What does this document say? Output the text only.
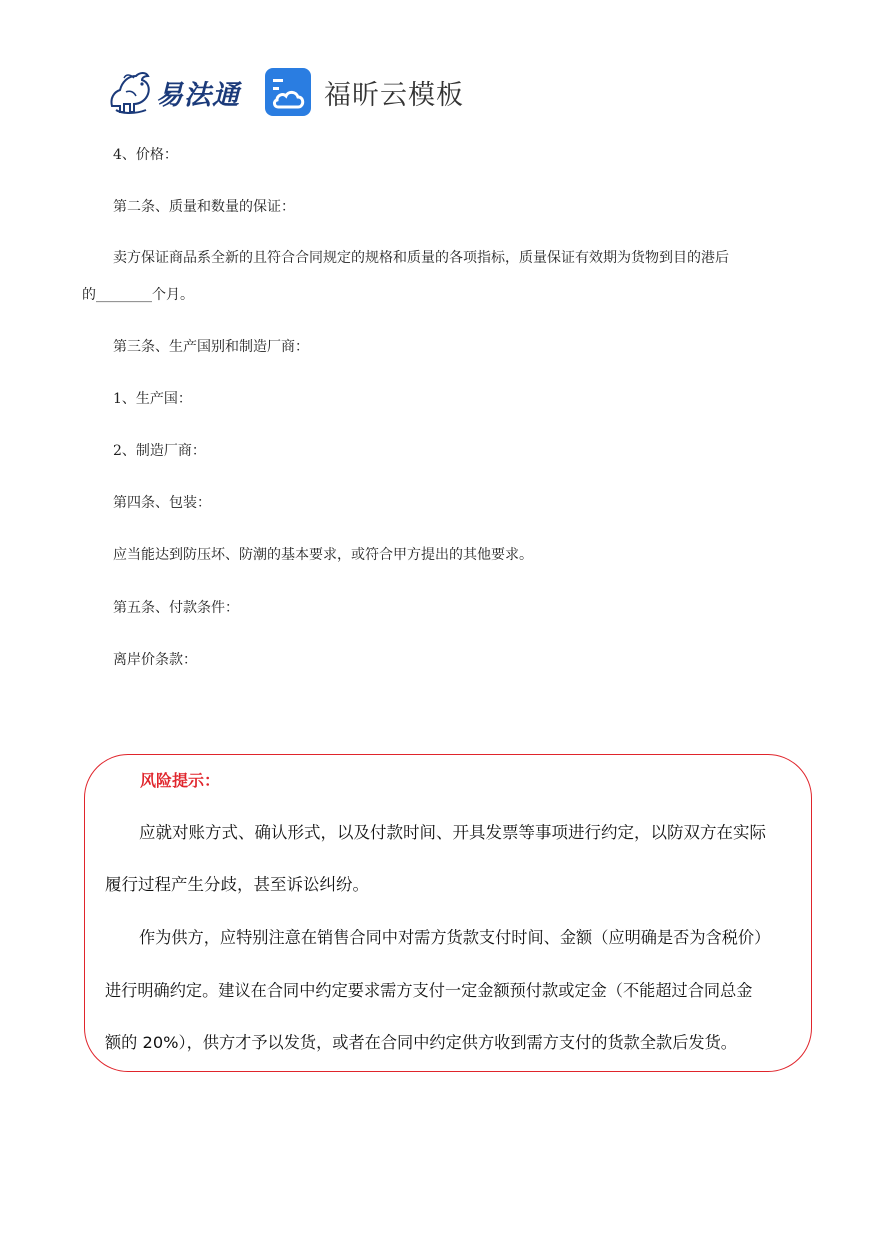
易法通	福昕云模板
4、价格：
第二条、质量和数量的保证：
卖方保证商品系全新的且符合合同规定的规格和质量的各项指标，质量保证有效期为货物到目的港后
的________个月。
第三条、生产国别和制造厂商：
1、生产国：
2、制造厂商：
第四条、包装：
应当能达到防压坏、防潮的基本要求，或符合甲方提出的其他要求。
第五条、付款条件：
离岸价条款：
风险提示：
应就对账方式、确认形式，以及付款时间、开具发票等事项进行约定，以防双方在实际
履行过程产生分歧，甚至诉讼纠纷。
作为供方，应特别注意在销售合同中对需方货款支付时间、金额（应明确是否为含税价）
进行明确约定。建议在合同中约定要求需方支付一定金额预付款或定金（不能超过合同总金
额的 20%），供方才予以发货，或者在合同中约定供方收到需方支付的货款全款后发货。
